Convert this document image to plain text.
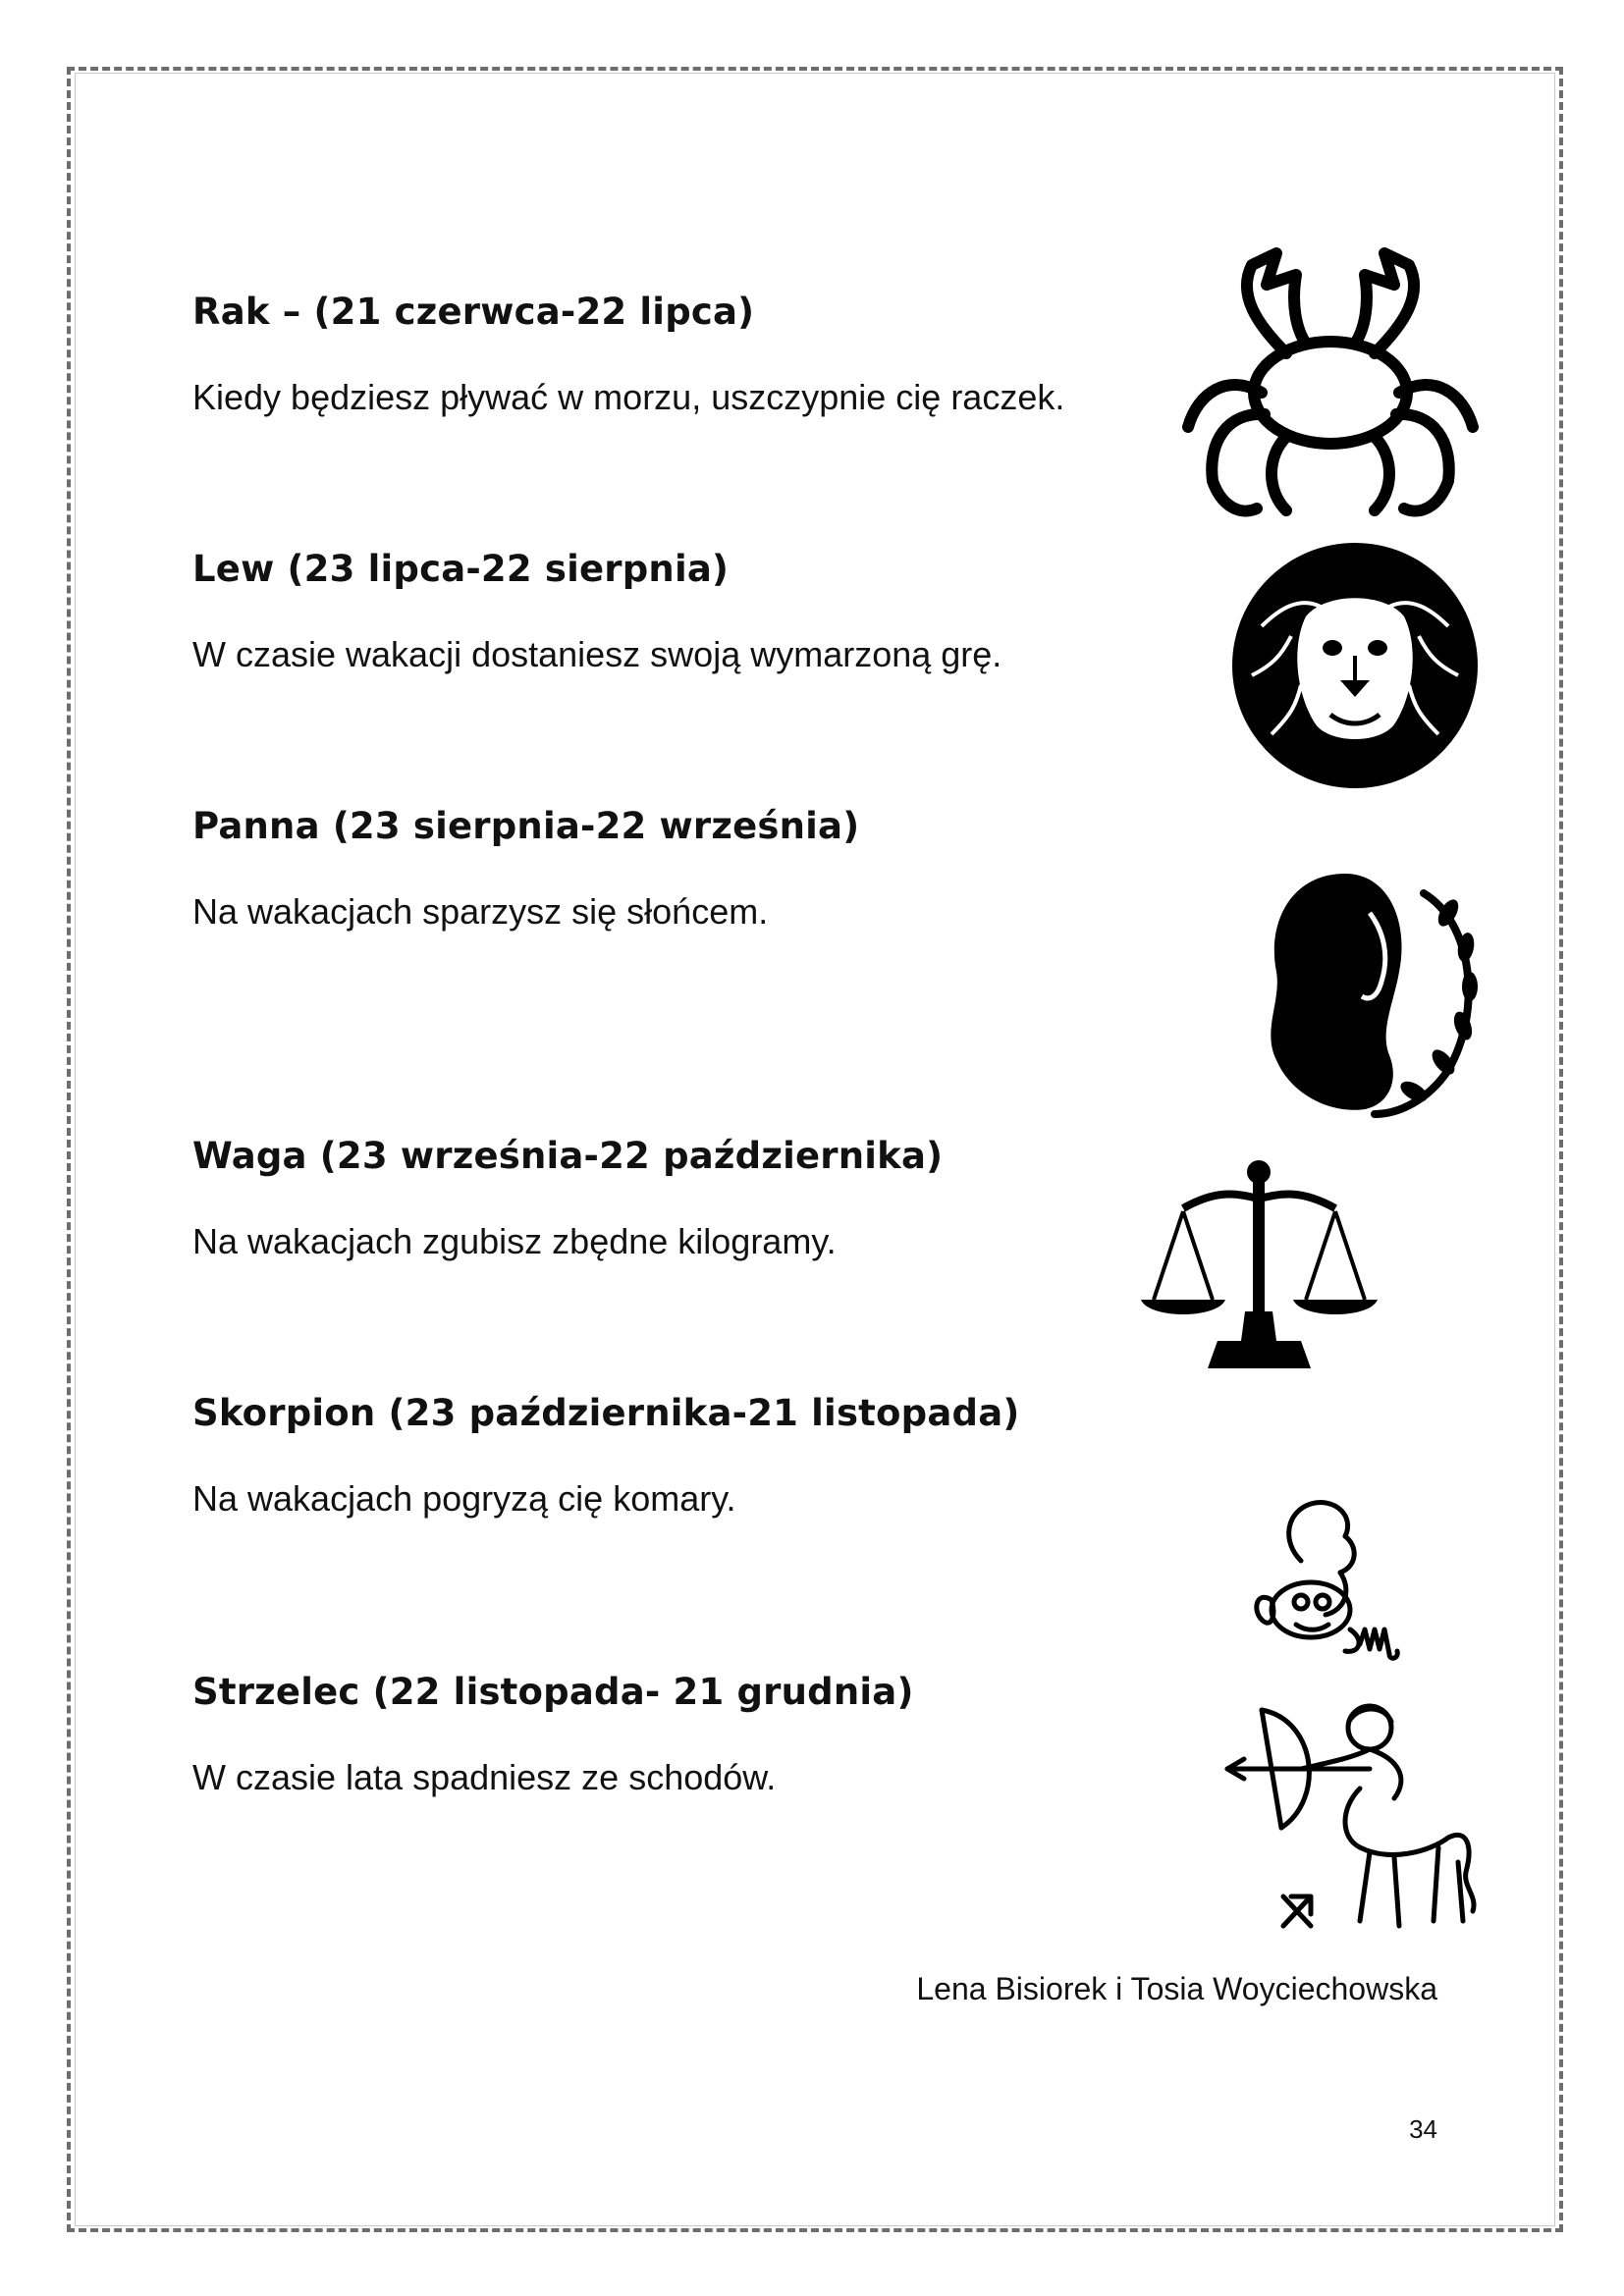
Rak – (21 czerwca-22 lipca)

Kiedy będziesz pływać w morzu, uszczypnie cię raczek.

Lew (23 lipca-22 sierpnia)

W czasie wakacji dostaniesz swoją wymarzoną grę.

Panna (23 sierpnia-22 września)

Na wakacjach sparzysz się słońcem.

Waga (23 września-22 października)

Na wakacjach zgubisz zbędne kilogramy.

Skorpion (23 października-21 listopada)

Na wakacjach pogryzą cię komary.

Strzelec (22 listopada- 21 grudnia)

W czasie lata spadniesz ze schodów.

Lena Bisiorek i Tosia Woyciechowska

34
